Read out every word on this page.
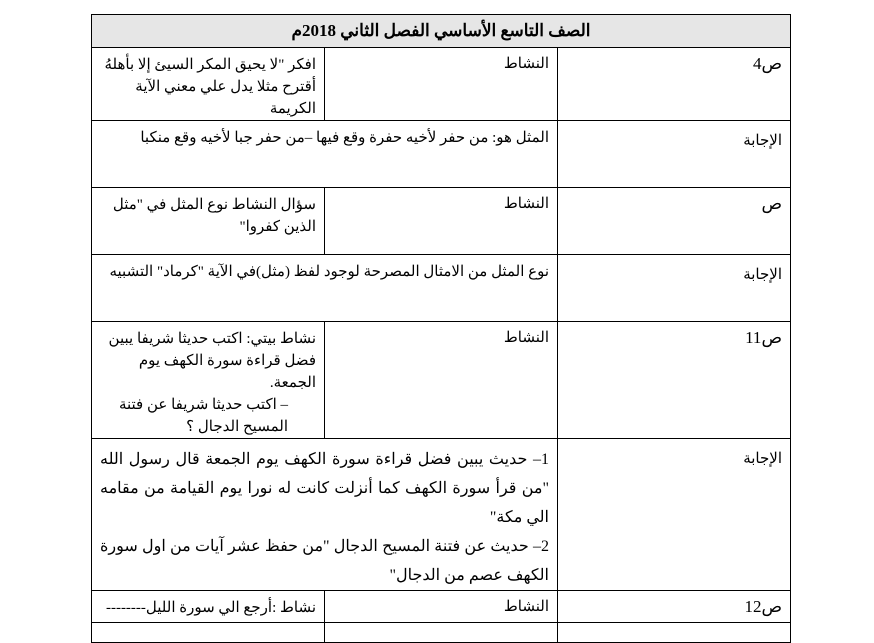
الصف التاسع الأساسي الفصل الثاني 2018م		
ص4	النشاط	افكر "لا يحيق المكر السيئ إلا بأهلهُ أقترح مثلا يدل علي معني الآية الكريمة
الإجابة	المثل هو: من حفر لأخيه حفرة وقع فيها –من حفر جبا لأخيه وقع منكبا	
ص	النشاط	سؤال النشاط نوع المثل في "مثل الذين كفروا"
الإجابة	نوع المثل من الامثال المصرحة لوجود لفظ (مثل)في الآية "كرماد" التشبيه	
ص11	النشاط	نشاط بيتي: اكتب حديثا شريفا يبين فضل قراءة سورة الكهف يوم الجمعة.
– اكتب حديثا شريفا عن فتنة المسيح الدجال ؟

الإجابة	1– حديث يبين فضل قراءة سورة الكهف يوم الجمعة قال رسول الله "من قرأ سورة الكهف كما أنزلت كانت له نورا يوم القيامة من مقامه الي مكة"
2– حديث عن فتنة المسيح الدجال "من حفظ عشر آيات من اول سورة الكهف عصم من الدجال"	

ص12	النشاط	نشاط :أرجع الي سورة الليل--------
